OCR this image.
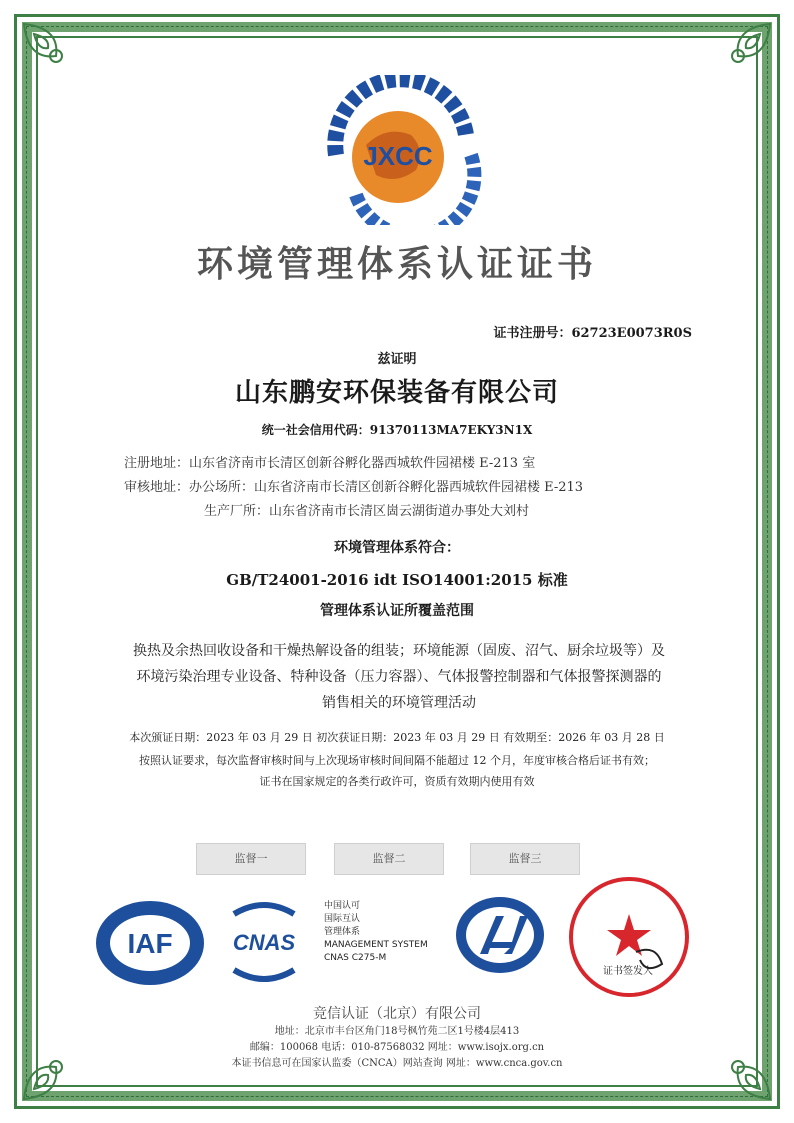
JXCC
环境管理体系认证证书
证书注册号：62723E0073R0S
兹证明
山东鹏安环保装备有限公司
统一社会信用代码：91370113MA7EKY3N1X
注册地址：山东省济南市长清区创新谷孵化器西城软件园裙楼 E-213 室
审核地址：办公场所：山东省济南市长清区创新谷孵化器西城软件园裙楼 E-213
生产厂所：山东省济南市长清区崮云湖街道办事处大刘村
环境管理体系符合：
GB/T24001-2016 idt ISO14001:2015 标准
管理体系认证所覆盖范围
换热及余热回收设备和干燥热解设备的组装；环境能源（固废、沼气、厨余垃圾等）及
环境污染治理专业设备、特种设备（压力容器）、气体报警控制器和气体报警探测器的
销售相关的环境管理活动
本次颁证日期：2023 年 03 月 29 日 初次获证日期：2023 年 03 月 29 日 有效期至：2026 年 03 月 28 日
按照认证要求，每次监督审核时间与上次现场审核时间间隔不能超过 12 个月，年度审核合格后证书有效；
证书在国家规定的各类行政许可，资质有效期内使用有效
监督一	监督二	监督三
IAF	CNAS
中国认可
国际互认
管理体系
MANAGEMENT SYSTEM
CNAS C275-M
证书签发人
竞信认证（北京）有限公司
地址：北京市丰台区角门18号枫竹苑二区1号楼4层413
邮编：100068 电话：010-87568032 网址：www.isojx.org.cn
本证书信息可在国家认监委（CNCA）网站查询 网址：www.cnca.gov.cn
